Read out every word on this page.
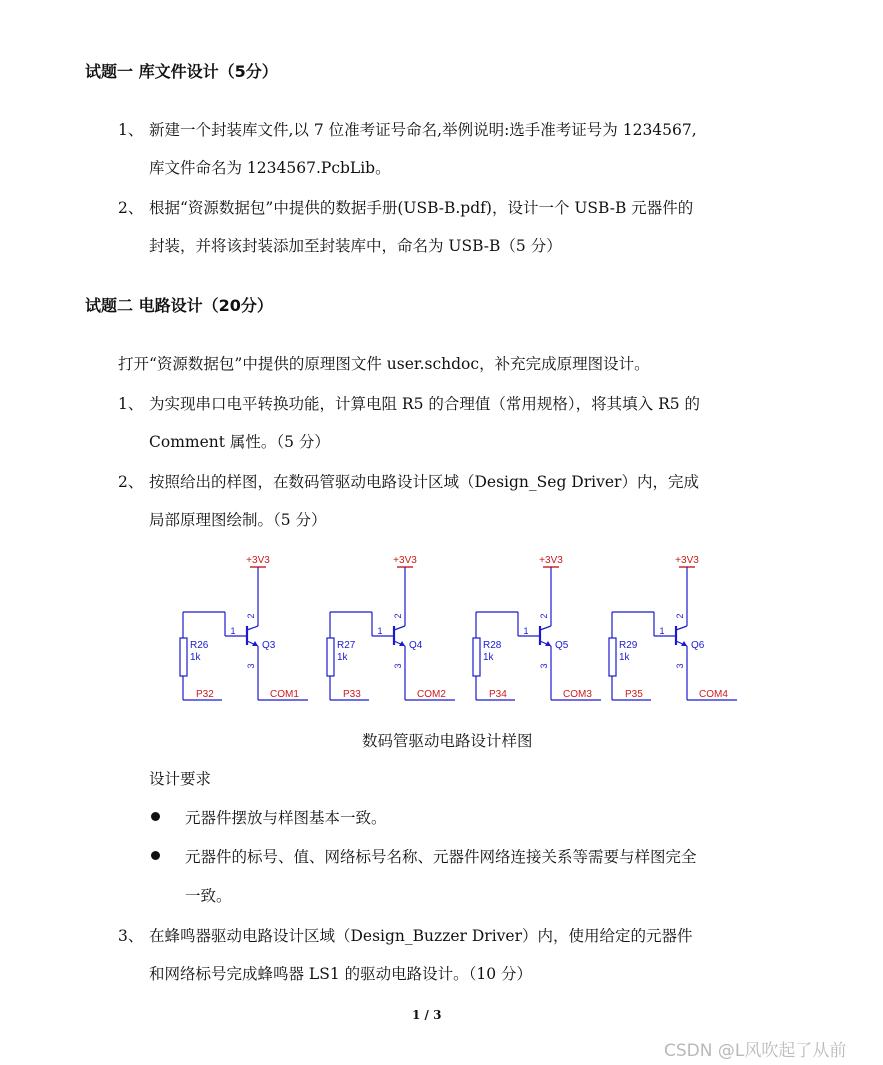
试题一 库文件设计（5分）
1、 新建一个封装库文件,以 7 位准考证号命名,举例说明:选手准考证号为 1234567,
库文件命名为 1234567.PcbLib。
2、 根据“资源数据包”中提供的数据手册(USB-B.pdf)，设计一个 USB-B 元器件的
封装，并将该封装添加至封装库中，命名为 USB-B（5 分）
试题二 电路设计（20分）
打开“资源数据包”中提供的原理图文件 user.schdoc，补充完成原理图设计。
1、 为实现串口电平转换功能，计算电阻 R5 的合理值（常用规格），将其填入 R5 的
Comment 属性。（5 分）
2、 按照给出的样图，在数码管驱动电路设计区域（Design_Seg Driver）内，完成
局部原理图绘制。（5 分）
+3V3
2
Q3
1
R26
1k
P32
3
COM1
+3V3
2
Q4
1
R27
1k
P33
3
COM2
+3V3
2
Q5
1
R28
1k
P34
3
COM3
+3V3
2
Q6
1
R29
1k
P35
3
COM4
数码管驱动电路设计样图
设计要求
元器件摆放与样图基本一致。
元器件的标号、值、网络标号名称、元器件网络连接关系等需要与样图完全
一致。
3、 在蜂鸣器驱动电路设计区域（Design_Buzzer Driver）内，使用给定的元器件
和网络标号完成蜂鸣器 LS1 的驱动电路设计。（10 分）
1 / 3
CSDN @L风吹起了从前
